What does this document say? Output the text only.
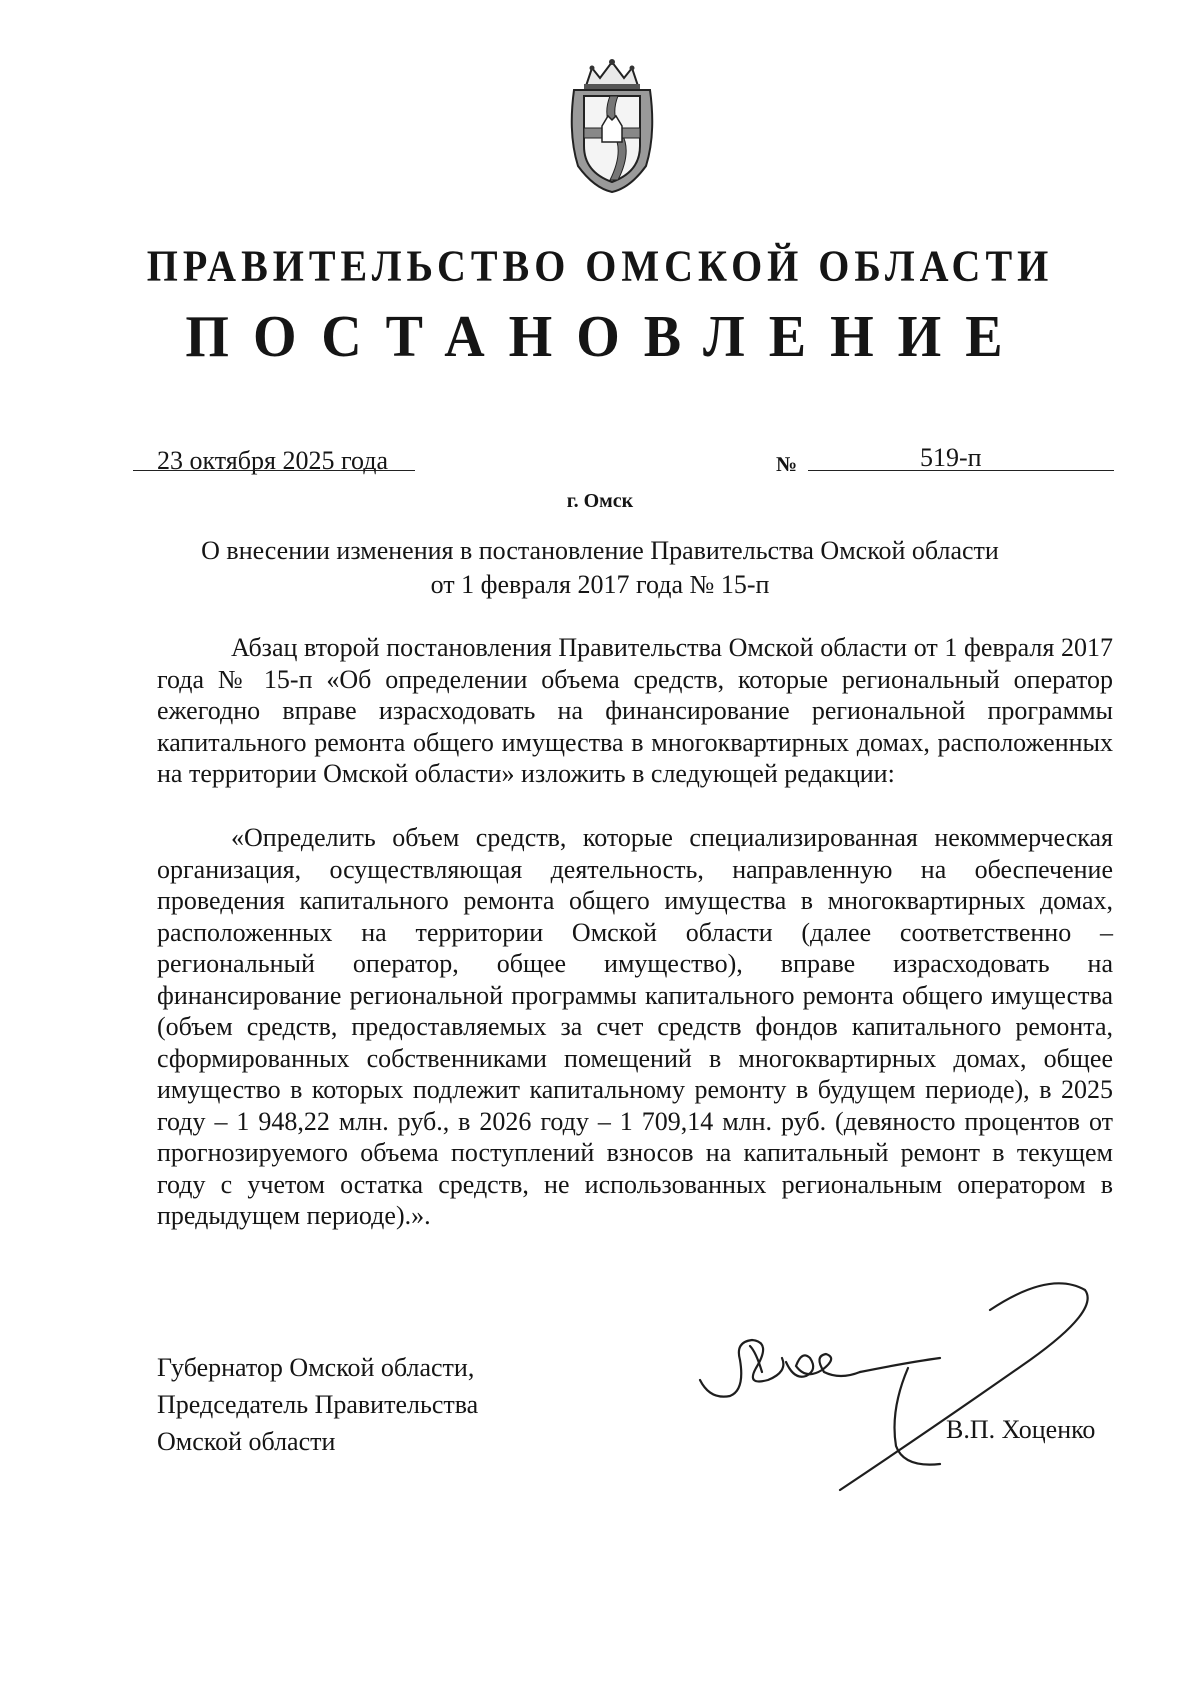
ПРАВИТЕЛЬСТВО ОМСКОЙ ОБЛАСТИ
ПОСТАНОВЛЕНИЕ
23 октября 2025 года	№	519-п
г. Омск
О внесении изменения в постановление Правительства Омской области
от 1 февраля 2017 года № 15-п
Абзац второй постановления Правительства Омской области от 1 февраля 2017 года № 15-п «Об определении объема средств, которые региональный оператор ежегодно вправе израсходовать на финансирование региональной программы капитального ремонта общего имущества в многоквартирных домах, расположенных на территории Омской области» изложить в следующей редакции:
«Определить объем средств, которые специализированная некоммерческая организация, осуществляющая деятельность, направленную на обеспечение проведения капитального ремонта общего имущества в многоквартирных домах, расположенных на территории Омской области (далее соответственно – региональный оператор, общее имущество), вправе израсходовать на финансирование региональной программы капитального ремонта общего имущества (объем средств, предоставляемых за счет средств фондов капитального ремонта, сформированных собственниками помещений в многоквартирных домах, общее имущество в которых подлежит капитальному ремонту в будущем периоде), в 2025 году – 1 948,22 млн. руб., в 2026 году – 1 709,14 млн. руб. (девяносто процентов от прогнозируемого объема поступлений взносов на капитальный ремонт в текущем году с учетом остатка средств, не использованных региональным оператором в предыдущем периоде).».
Губернатор Омской области,
Председатель Правительства
Омской области	В.П. Хоценко
